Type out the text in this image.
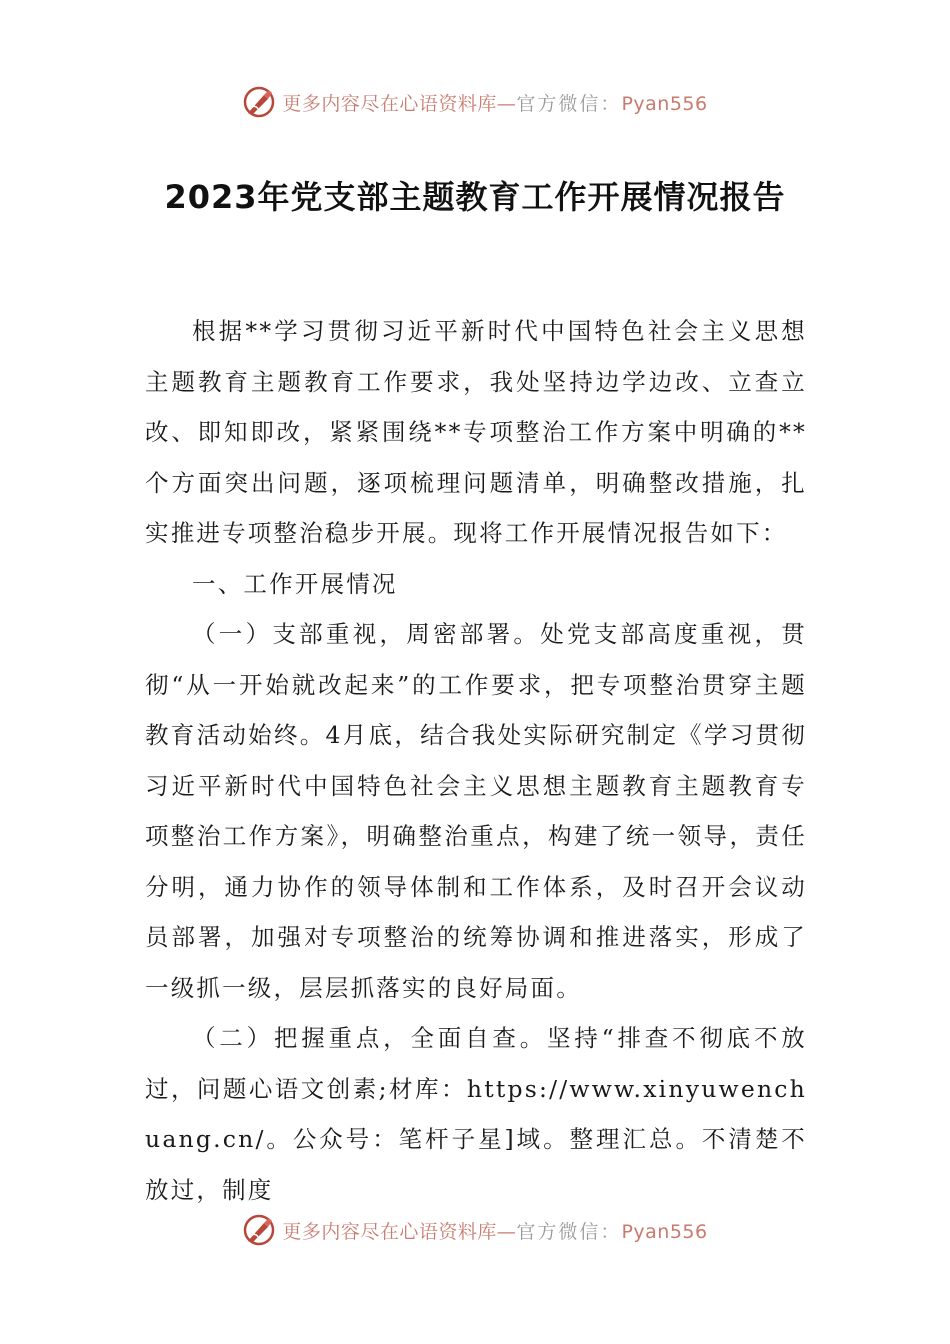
更多内容尽在心语资料库—官方微信：Pyan556
2023年党支部主题教育工作开展情况报告

根据**学习贯彻习近平新时代中国特色社会主义思想主题教育主题教育工作要求，我处坚持边学边改、立查立改、即知即改，紧紧围绕**专项整治工作方案中明确的**个方面突出问题，逐项梳理问题清单，明确整改措施，扎实推进专项整治稳步开展。现将工作开展情况报告如下：

一、工作开展情况

（一）支部重视，周密部署。处党支部高度重视，贯彻“从一开始就改起来”的工作要求，把专项整治贯穿主题教育活动始终。4月底，结合我处实际研究制定《学习贯彻习近平新时代中国特色社会主义思想主题教育主题教育专项整治工作方案》，明确整治重点，构建了统一领导，责任分明，通力协作的领导体制和工作体系，及时召开会议动员部署，加强对专项整治的统筹协调和推进落实，形成了一级抓一级，层层抓落实的良好局面。

（二）把握重点，全面自查。坚持“排查不彻底不放过，问题心语文创素;材库：https://www.xinyuwenchuang.cn/。公众号：笔杆子星]域。整理汇总。不清楚不放过，制度

更多内容尽在心语资料库—官方微信：Pyan556
